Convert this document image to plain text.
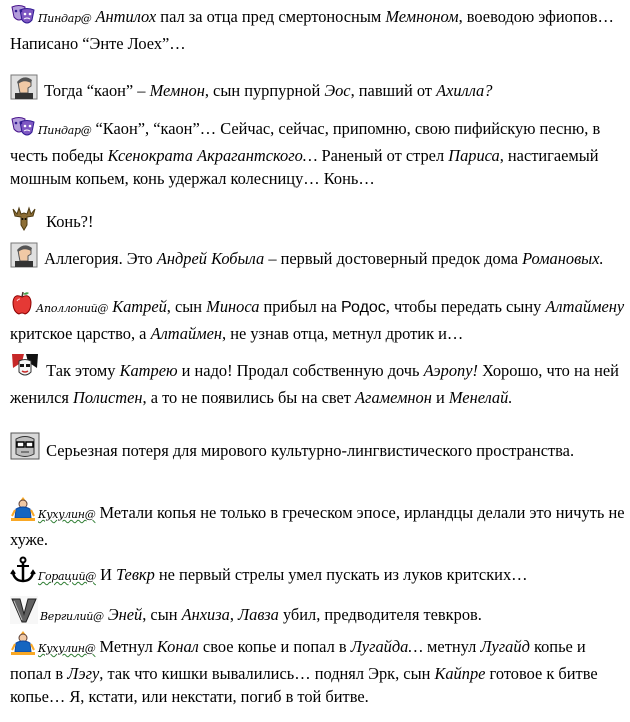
Пиндар@ Антилох пал за отца пред смертоносным Мемноном, воеводою эфиопов… Написано “Энте Лоех”…
Тогда “каон” – Мемнон, сын пурпурной Эос, павший от Ахилла?
Пиндар@ “Каон”, “каон”… Сейчас, сейчас, припомню, свою пифийскую песню, в честь победы Ксенократа Акрагантского… Раненый от стрел Париса, настигаемый мошным копьем, конь удержал колесницу… Конь…
Конь?!
Аллегория. Это Андрей Кобыла – первый достоверный предок дома Романовых.
Аполлоний@ Катрей, сын Миноса прибыл на Родос, чтобы передать сыну Алтаймену критское царство, а Алтаймен, не узнав отца, метнул дротик и…
Так этому Катрею и надо! Продал собственную дочь Аэропу! Хорошо, что на ней женился Полистен, а то не появились бы на свет Агамемнон и Менелай.
Серьезная потеря для мирового культурно-лингвистического пространства.
Кухулин@ Метали копья не только в греческом эпосе, ирландцы делали это ничуть не хуже.
Гораций@ И Тевкр не первый стрелы умел пускать из луков критских…
Вергилий@ Эней, сын Анхиза, Лавза убил, предводителя тевкров.
Кухулин@ Метнул Конал свое копье и попал в Лугайда… метнул Лугайд копье и попал в Лэгу, так что кишки вывалились… поднял Эрк, сын Кайпре готовое к битве копье… Я, кстати, или некстати, погиб в той битве.
